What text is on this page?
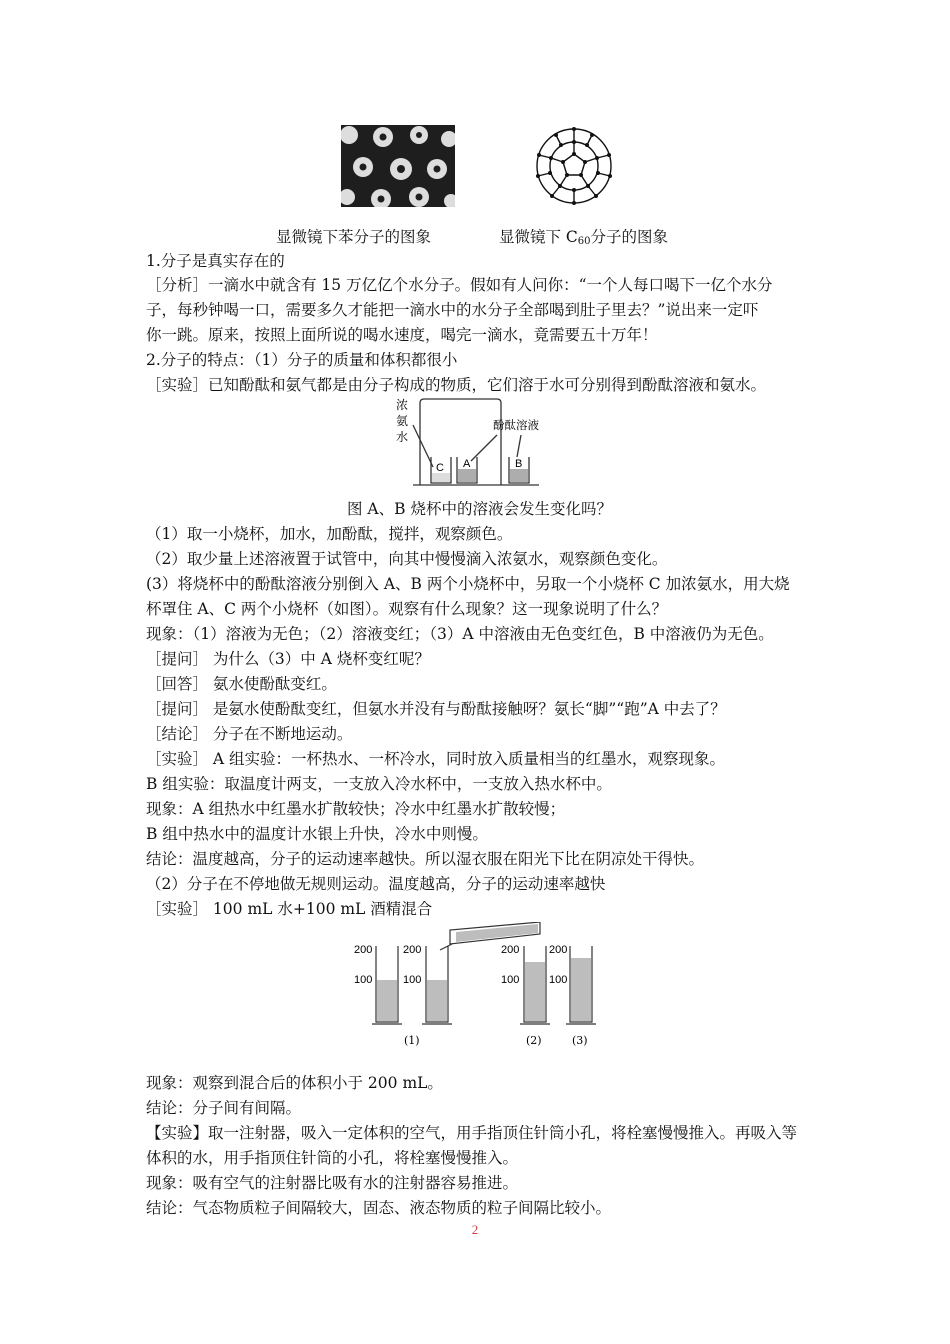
显微镜下苯分子的图象	显微镜下 $C_{60}$分子的图象
1.分子是真实存在的
［分析］一滴水中就含有 15 万亿亿个水分子。假如有人问你：“一个人每口喝下一亿个水分
子，每秒钟喝一口，需要多久才能把一滴水中的水分子全部喝到肚子里去？”说出来一定吓
你一跳。原来，按照上面所说的喝水速度，喝完一滴水，竟需要五十万年！
2.分子的特点：（1）分子的质量和体积都很小
［实验］已知酚酞和氨气都是由分子构成的物质，它们溶于水可分别得到酚酞溶液和氨水。
浓
氨
水
酚酞溶液
C A	B
图 A、B 烧杯中的溶液会发生变化吗？
（1）取一小烧杯，加水，加酚酞，搅拌，观察颜色。
（2）取少量上述溶液置于试管中，向其中慢慢滴入浓氨水，观察颜色变化。
(3）将烧杯中的酚酞溶液分别倒入 A、B 两个小烧杯中，另取一个小烧杯 C 加浓氨水，用大烧
杯罩住 A、C 两个小烧杯（如图）。观察有什么现象？这一现象说明了什么？
现象：（1）溶液为无色；（2）溶液变红；（3）A 中溶液由无色变红色，B 中溶液仍为无色。
［提问］ 为什么（3）中 A 烧杯变红呢？
［回答］ 氨水使酚酞变红。
［提问］ 是氨水使酚酞变红，但氨水并没有与酚酞接触呀？氨长“脚”“跑”A 中去了？
［结论］ 分子在不断地运动。
［实验］ A 组实验：一杯热水、一杯冷水，同时放入质量相当的红墨水，观察现象。
B 组实验：取温度计两支，一支放入冷水杯中，一支放入热水杯中。
现象：A 组热水中红墨水扩散较快；冷水中红墨水扩散较慢；
B 组中热水中的温度计水银上升快，冷水中则慢。
结论：温度越高，分子的运动速率越快。所以湿衣服在阳光下比在阴凉处干得快。
（2）分子在不停地做无规则运动。温度越高，分子的运动速率越快
［实验］ 100 mL 水+100 mL 酒精混合
200
100
200
100
200
100
200
100
(1)	(2)	(3)
现象：观察到混合后的体积小于 200 mL。
结论：分子间有间隔。
【实验】取一注射器，吸入一定体积的空气，用手指顶住针筒小孔，将栓塞慢慢推入。再吸入等
体积的水，用手指顶住针筒的小孔，将栓塞慢慢推入。
现象：吸有空气的注射器比吸有水的注射器容易推进。
结论：气态物质粒子间隔较大，固态、液态物质的粒子间隔比较小。
2
